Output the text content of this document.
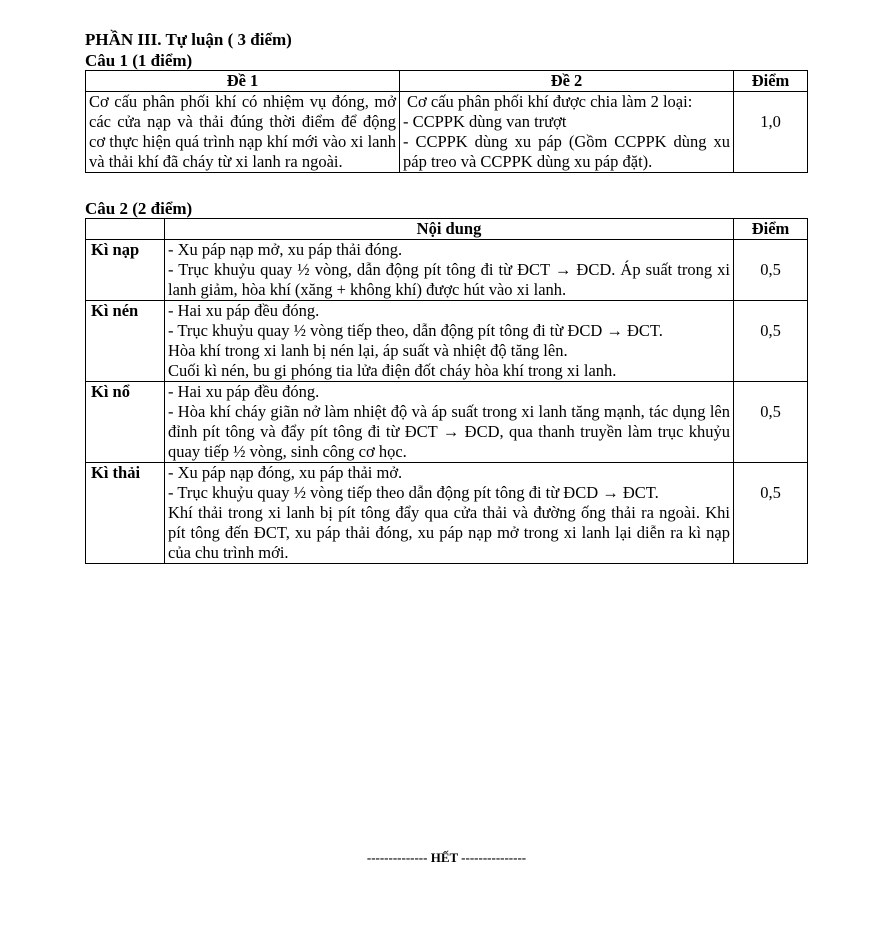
PHẦN III. Tự luận ( 3 điểm)
Câu 1 (1 điểm)
Đề 1	Đề 2	Điểm
Cơ cấu phân phối khí có nhiệm vụ đóng, mở các cửa nạp và thải đúng thời điểm để động cơ thực hiện quá trình nạp khí mới vào xi lanh và thải khí đã cháy từ xi lanh ra ngoài.	Cơ cấu phân phối khí được chia làm 2 loại:
- CCPPK dùng van trượt
- CCPPK dùng xu páp (Gồm CCPPK dùng xu páp treo và CCPPK dùng xu páp đặt).	1,0
Câu 2 (2 điểm)
	Nội dung	Điểm
Kì nạp	- Xu páp nạp mở, xu páp thải đóng.
- Trục khuỷu quay ½ vòng, dẫn động pít tông đi từ ĐCT → ĐCD. Áp suất trong xi lanh giảm, hòa khí (xăng + không khí) được hút vào xi lanh.	0,5
Kì nén	- Hai xu páp đều đóng.
- Trục khuỷu quay ½ vòng tiếp theo, dẫn động pít tông đi từ ĐCD → ĐCT.
Hòa khí trong xi lanh bị nén lại, áp suất và nhiệt độ tăng lên.
Cuối kì nén, bu gi phóng tia lửa điện đốt cháy hòa khí trong xi lanh.	0,5
Kì nổ	- Hai xu páp đều đóng.
- Hòa khí cháy giãn nở làm nhiệt độ và áp suất trong xi lanh tăng mạnh, tác dụng lên đỉnh pít tông và đẩy pít tông đi từ ĐCT → ĐCD, qua thanh truyền làm trục khuỷu quay tiếp ½ vòng, sinh công cơ học.	0,5
Kì thải	- Xu páp nạp đóng, xu páp thải mở.
- Trục khuỷu quay ½ vòng tiếp theo dẫn động pít tông đi từ ĐCD → ĐCT.
Khí thải trong xi lanh bị pít tông đẩy qua cửa thải và đường ống thải ra ngoài. Khi pít tông đến ĐCT, xu páp thải đóng, xu páp nạp mở trong xi lanh lại diễn ra kì nạp của chu trình mới.	0,5
-------------- HẾT ---------------
